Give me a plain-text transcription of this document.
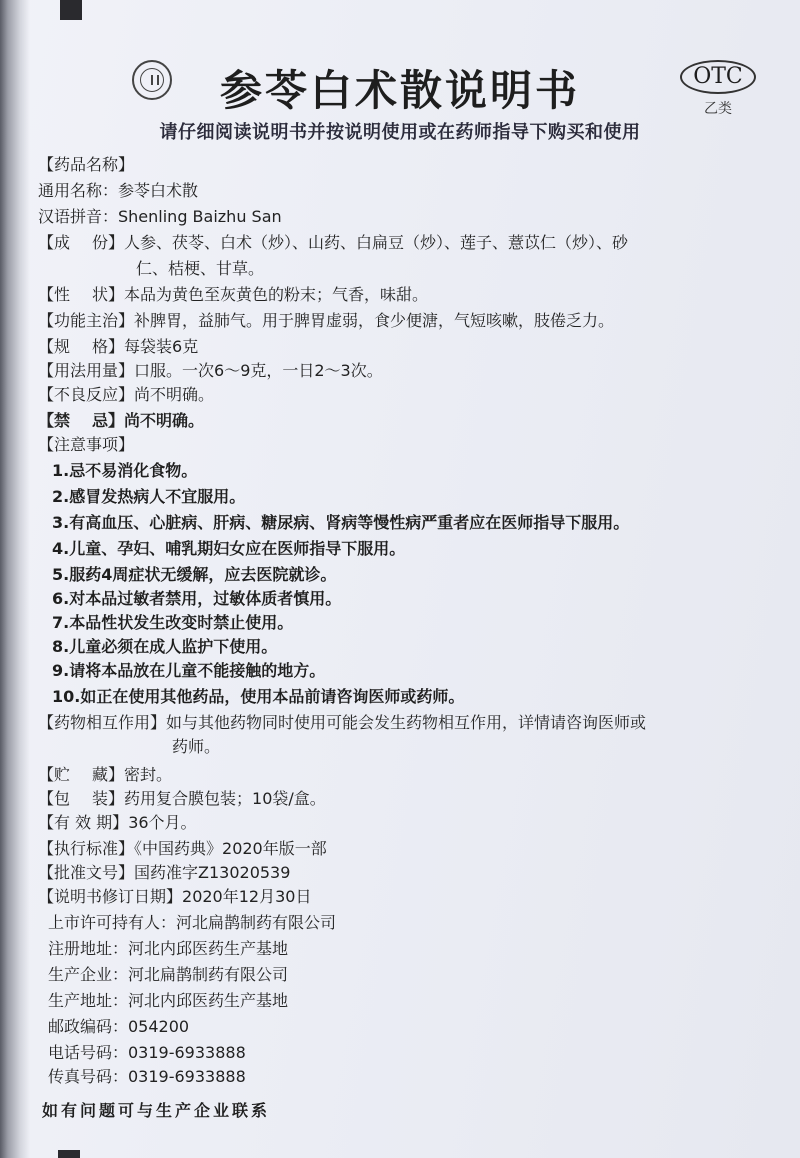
参苓白术散说明书	OTC
乙类
请仔细阅读说明书并按说明使用或在药师指导下购买和使用
【药品名称】
通用名称：参苓白术散
汉语拼音：Shenling Baizhu San
【成 份】人参、茯苓、白术（炒）、山药、白扁豆（炒）、莲子、薏苡仁（炒）、砂
仁、桔梗、甘草。
【性 状】本品为黄色至灰黄色的粉末；气香，味甜。
【功能主治】补脾胃，益肺气。用于脾胃虚弱，食少便溏，气短咳嗽，肢倦乏力。
【规 格】每袋装6克
【用法用量】口服。一次6～9克，一日2～3次。
【不良反应】尚不明确。
【禁 忌】尚不明确。
【注意事项】
1.忌不易消化食物。
2.感冒发热病人不宜服用。
3.有高血压、心脏病、肝病、糖尿病、肾病等慢性病严重者应在医师指导下服用。
4.儿童、孕妇、哺乳期妇女应在医师指导下服用。
5.服药4周症状无缓解，应去医院就诊。
6.对本品过敏者禁用，过敏体质者慎用。
7.本品性状发生改变时禁止使用。
8.儿童必须在成人监护下使用。
9.请将本品放在儿童不能接触的地方。
10.如正在使用其他药品，使用本品前请咨询医师或药师。
【药物相互作用】如与其他药物同时使用可能会发生药物相互作用，详情请咨询医师或
药师。
【贮 藏】密封。
【包 装】药用复合膜包装；10袋/盒。
【有 效 期】36个月。
【执行标准】《中国药典》2020年版一部
【批准文号】国药准字Z13020539
【说明书修订日期】2020年12月30日
上市许可持有人：河北扁鹊制药有限公司
注册地址：河北内邱医药生产基地
生产企业：河北扁鹊制药有限公司
生产地址：河北内邱医药生产基地
邮政编码：054200
电话号码：0319-6933888
传真号码：0319-6933888
如有问题可与生产企业联系
